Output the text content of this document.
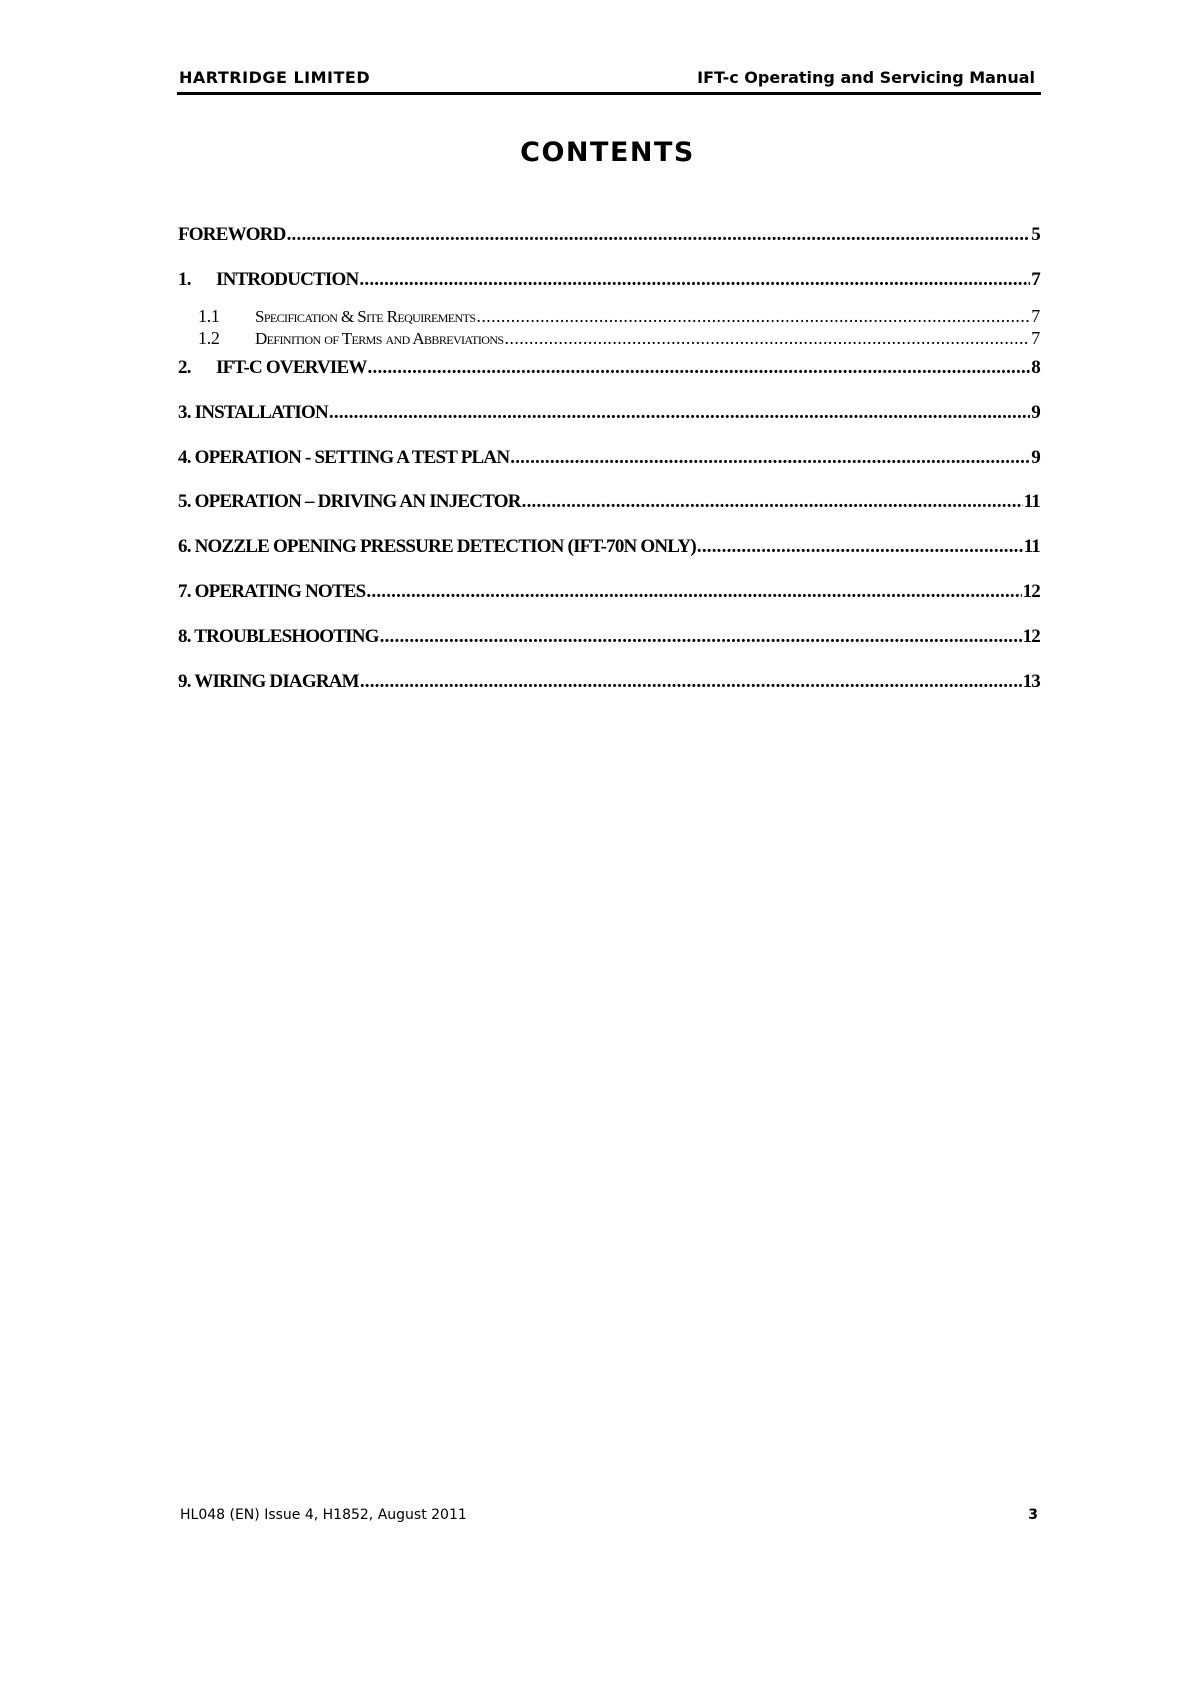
HARTRIDGE LIMITED	IFT-c Operating and Servicing Manual
CONTENTS
FOREWORD .....	5
1.	INTRODUCTION .....	7
1.1	Specification & Site Requirements .....	7
1.2	Definition of Terms and Abbreviations .....	7
2.	IFT-C OVERVIEW .....	8
3. INSTALLATION .....	9
4. OPERATION - SETTING A TEST PLAN .....	9
5. OPERATION – DRIVING AN INJECTOR .....	11
6. NOZZLE OPENING PRESSURE DETECTION (IFT-70N ONLY) .....	11
7. OPERATING NOTES .....	12
8. TROUBLESHOOTING .....	12
9. WIRING DIAGRAM .....	13
HL048 (EN) Issue 4, H1852, August 2011	3
